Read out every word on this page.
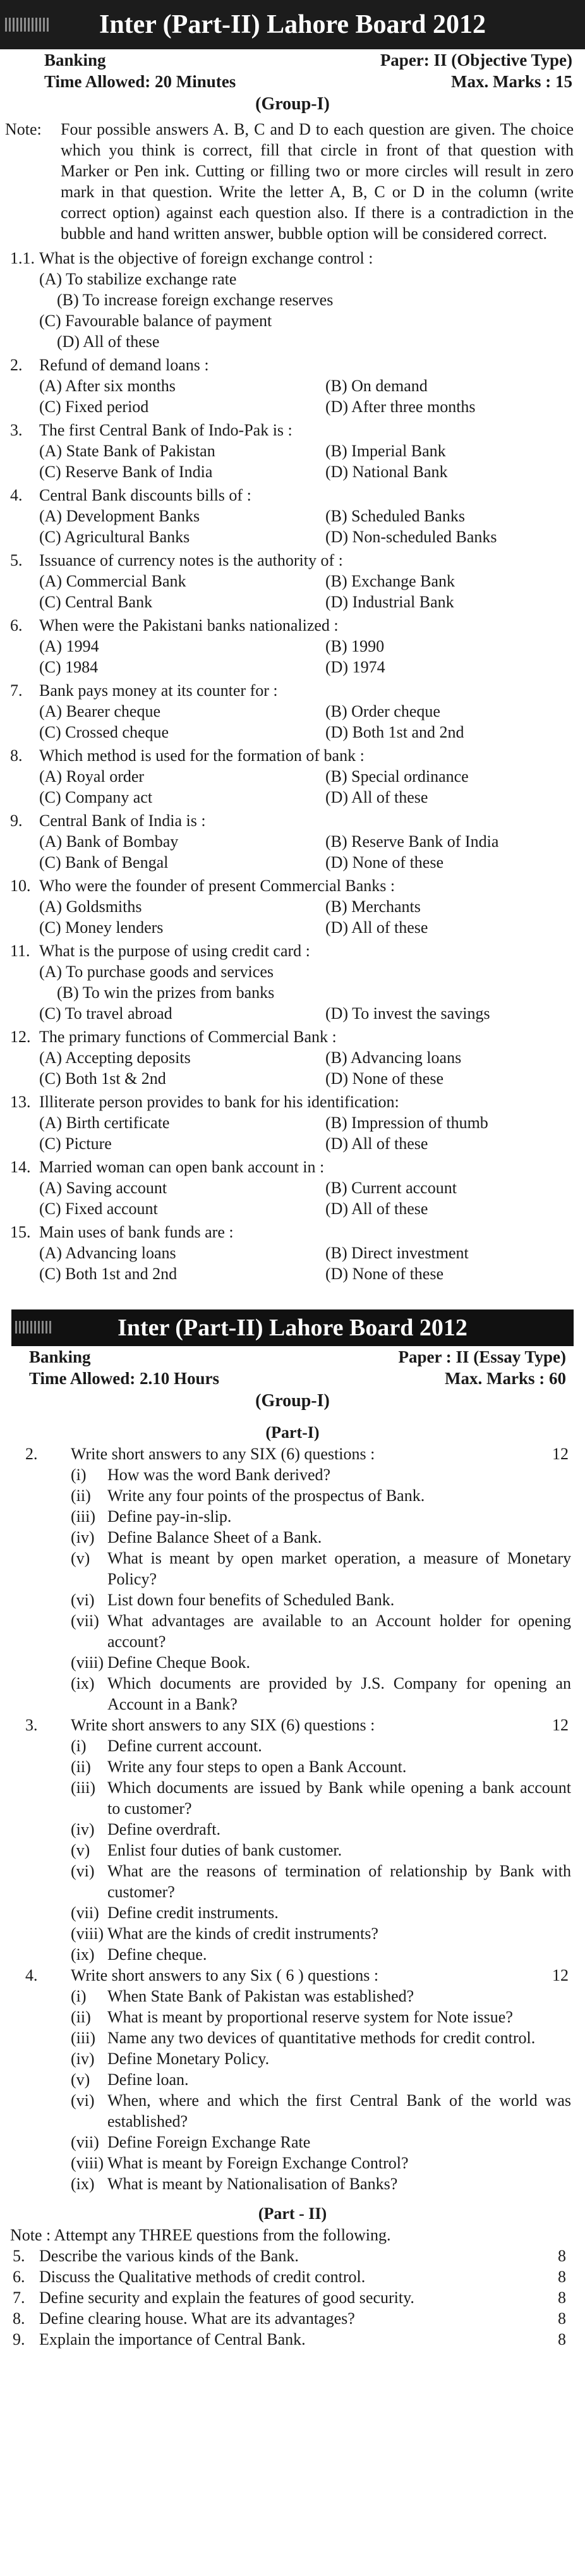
Inter (Part-II) Lahore Board 2012
Banking	Paper: II (Objective Type)
Time Allowed: 20 Minutes	Max. Marks : 15
(Group-I)
Note: Four possible answers A. B, C and D to each question are given. The choice which you think is correct, fill that circle in front of that question with Marker or Pen ink. Cutting or filling two or more circles will result in zero mark in that question. Write the letter A, B, C or D in the column (write correct option) against each question also. If there is a contradiction in the bubble and hand written answer, bubble option will be considered correct.
1.1. What is the objective of foreign exchange control :
(A) To stabilize exchange rate
(B) To increase foreign exchange reserves
(C) Favourable balance of payment
(D) All of these
2. Refund of demand loans :
(A) After six months	(B) On demand
(C) Fixed period	(D) After three months
3. The first Central Bank of Indo-Pak is :
(A) State Bank of Pakistan	(B) Imperial Bank
(C) Reserve Bank of India	(D) National Bank
4. Central Bank discounts bills of :
(A) Development Banks	(B) Scheduled Banks
(C) Agricultural Banks	(D) Non-scheduled Banks
5. Issuance of currency notes is the authority of :
(A) Commercial Bank	(B) Exchange Bank
(C) Central Bank	(D) Industrial Bank
6. When were the Pakistani banks nationalized :
(A) 1994	(B) 1990
(C) 1984	(D) 1974
7. Bank pays money at its counter for :
(A) Bearer cheque	(B) Order cheque
(C) Crossed cheque	(D) Both 1st and 2nd
8. Which method is used for the formation of bank :
(A) Royal order	(B) Special ordinance
(C) Company act	(D) All of these
9. Central Bank of India is :
(A) Bank of Bombay	(B) Reserve Bank of India
(C) Bank of Bengal	(D) None of these
10. Who were the founder of present Commercial Banks :
(A) Goldsmiths	(B) Merchants
(C) Money lenders	(D) All of these
11. What is the purpose of using credit card :
(A) To purchase goods and services
(B) To win the prizes from banks
(C) To travel abroad	(D) To invest the savings
12. The primary functions of Commercial Bank :
(A) Accepting deposits	(B) Advancing loans
(C) Both 1st & 2nd	(D) None of these
13. Illiterate person provides to bank for his identification:
(A) Birth certificate	(B) Impression of thumb
(C) Picture	(D) All of these
14. Married woman can open bank account in :
(A) Saving account	(B) Current account
(C) Fixed account	(D) All of these
15. Main uses of bank funds are :
(A) Advancing loans	(B) Direct investment
(C) Both 1st and 2nd	(D) None of these
Inter (Part-II) Lahore Board 2012
Banking	Paper : II (Essay Type)
Time Allowed: 2.10 Hours	Max. Marks : 60
(Group-I)
(Part-I)
2. Write short answers to any SIX (6) questions :	12
(i) How was the word Bank derived?
(ii) Write any four points of the prospectus of Bank.
(iii) Define pay-in-slip.
(iv) Define Balance Sheet of a Bank.
(v) What is meant by open market operation, a measure of Monetary Policy?
(vi) List down four benefits of Scheduled Bank.
(vii) What advantages are available to an Account holder for opening account?
(viii) Define Cheque Book.
(ix) Which documents are provided by J.S. Company for opening an Account in a Bank?
3. Write short answers to any SIX (6) questions :	12
(i) Define current account.
(ii) Write any four steps to open a Bank Account.
(iii) Which documents are issued by Bank while opening a bank account to customer?
(iv) Define overdraft.
(v) Enlist four duties of bank customer.
(vi) What are the reasons of termination of relationship by Bank with customer?
(vii) Define credit instruments.
(viii) What are the kinds of credit instruments?
(ix) Define cheque.
4. Write short answers to any Six ( 6 ) questions :	12
(i) When State Bank of Pakistan was established?
(ii) What is meant by proportional reserve system for Note issue?
(iii) Name any two devices of quantitative methods for credit control.
(iv) Define Monetary Policy.
(v) Define loan.
(vi) When, where and which the first Central Bank of the world was established?
(vii) Define Foreign Exchange Rate
(viii) What is meant by Foreign Exchange Control?
(ix) What is meant by Nationalisation of Banks?
(Part - II)
Note : Attempt any THREE questions from the following.
5. Describe the various kinds of the Bank.	8
6. Discuss the Qualitative methods of credit control.	8
7. Define security and explain the features of good security.	8
8. Define clearing house. What are its advantages?	8
9. Explain the importance of Central Bank.	8
